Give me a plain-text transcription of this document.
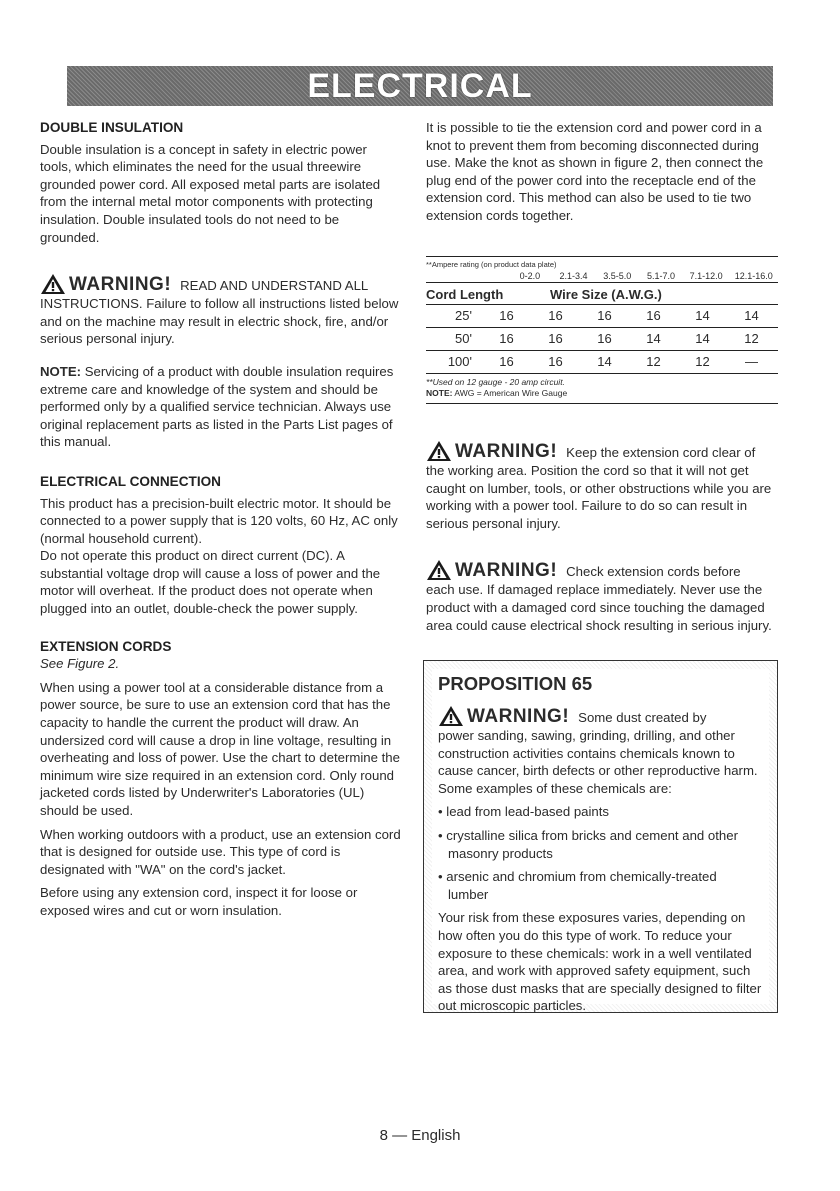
ELECTRICAL
DOUBLE INSULATION

Double insulation is a concept in safety in electric power tools, which eliminates the need for the usual threewire grounded power cord. All exposed metal parts are isolated from the internal metal motor components with protecting insulation. Double insulated tools do not need to be grounded.

WARNING! READ AND UNDERSTAND ALL

INSTRUCTIONS. Failure to follow all instructions listed below and on the machine may result in electric shock, fire, and/or serious personal injury.

NOTE: Servicing of a product with double insulation requires extreme care and knowledge of the system and should be performed only by a qualified service technician. Always use original replacement parts as listed in the Parts List pages of this manual.

ELECTRICAL CONNECTION

This product has a precision-built electric motor. It should be connected to a power supply that is 120 volts, 60 Hz, AC only (normal household current).

Do not operate this product on direct current (DC). A substantial voltage drop will cause a loss of power and the motor will overheat. If the product does not operate when plugged into an outlet, double-check the power supply.

EXTENSION CORDS

See Figure 2.

When using a power tool at a considerable distance from a power source, be sure to use an extension cord that has the capacity to handle the current the product will draw. An undersized cord will cause a drop in line voltage, resulting in overheating and loss of power. Use the chart to determine the minimum wire size required in an extension cord. Only round jacketed cords listed by Underwriter's Laboratories (UL) should be used.

When working outdoors with a product, use an extension cord that is designed for outside use. This type of cord is designated with "WA" on the cord's jacket.

Before using any extension cord, inspect it for loose or exposed wires and cut or worn insulation.

It is possible to tie the extension cord and power cord in a knot to prevent them from becoming disconnected during use. Make the knot as shown in figure 2, then connect the plug end of the power cord into the receptacle end of the extension cord. This method can also be used to tie two extension cords together.

**Ampere rating (on product data plate)
0-2.0	2.1-3.4	3.5-5.0	5.1-7.0	7.1-12.0	12.1-16.0
Cord Length	Wire Size (A.W.G.)
25'	16	16	16	16	14	14
50'	16	16	16	14	14	12
100'	16	16	14	12	12	—
**Used on 12 gauge - 20 amp circuit.
NOTE: AWG = American Wire Gauge
WARNING! Keep the extension cord clear of

the working area. Position the cord so that it will not get caught on lumber, tools, or other obstructions while you are working with a power tool. Failure to do so can result in serious personal injury.

WARNING! Check extension cords before

each use. If damaged replace immediately. Never use the product with a damaged cord since touching the damaged area could cause electrical shock resulting in serious injury.

PROPOSITION 65
WARNING! Some dust created by

power sanding, sawing, grinding, drilling, and other construction activities contains chemicals known to cause cancer, birth defects or other reproductive harm. Some examples of these chemicals are:

• lead from lead-based paints

• crystalline silica from bricks and cement and other
masonry products

• arsenic and chromium from chemically-treated
lumber

Your risk from these exposures varies, depending on how often you do this type of work. To reduce your exposure to these chemicals: work in a well ventilated area, and work with approved safety equipment, such as those dust masks that are specially designed to filter out microscopic particles.

8 — English
